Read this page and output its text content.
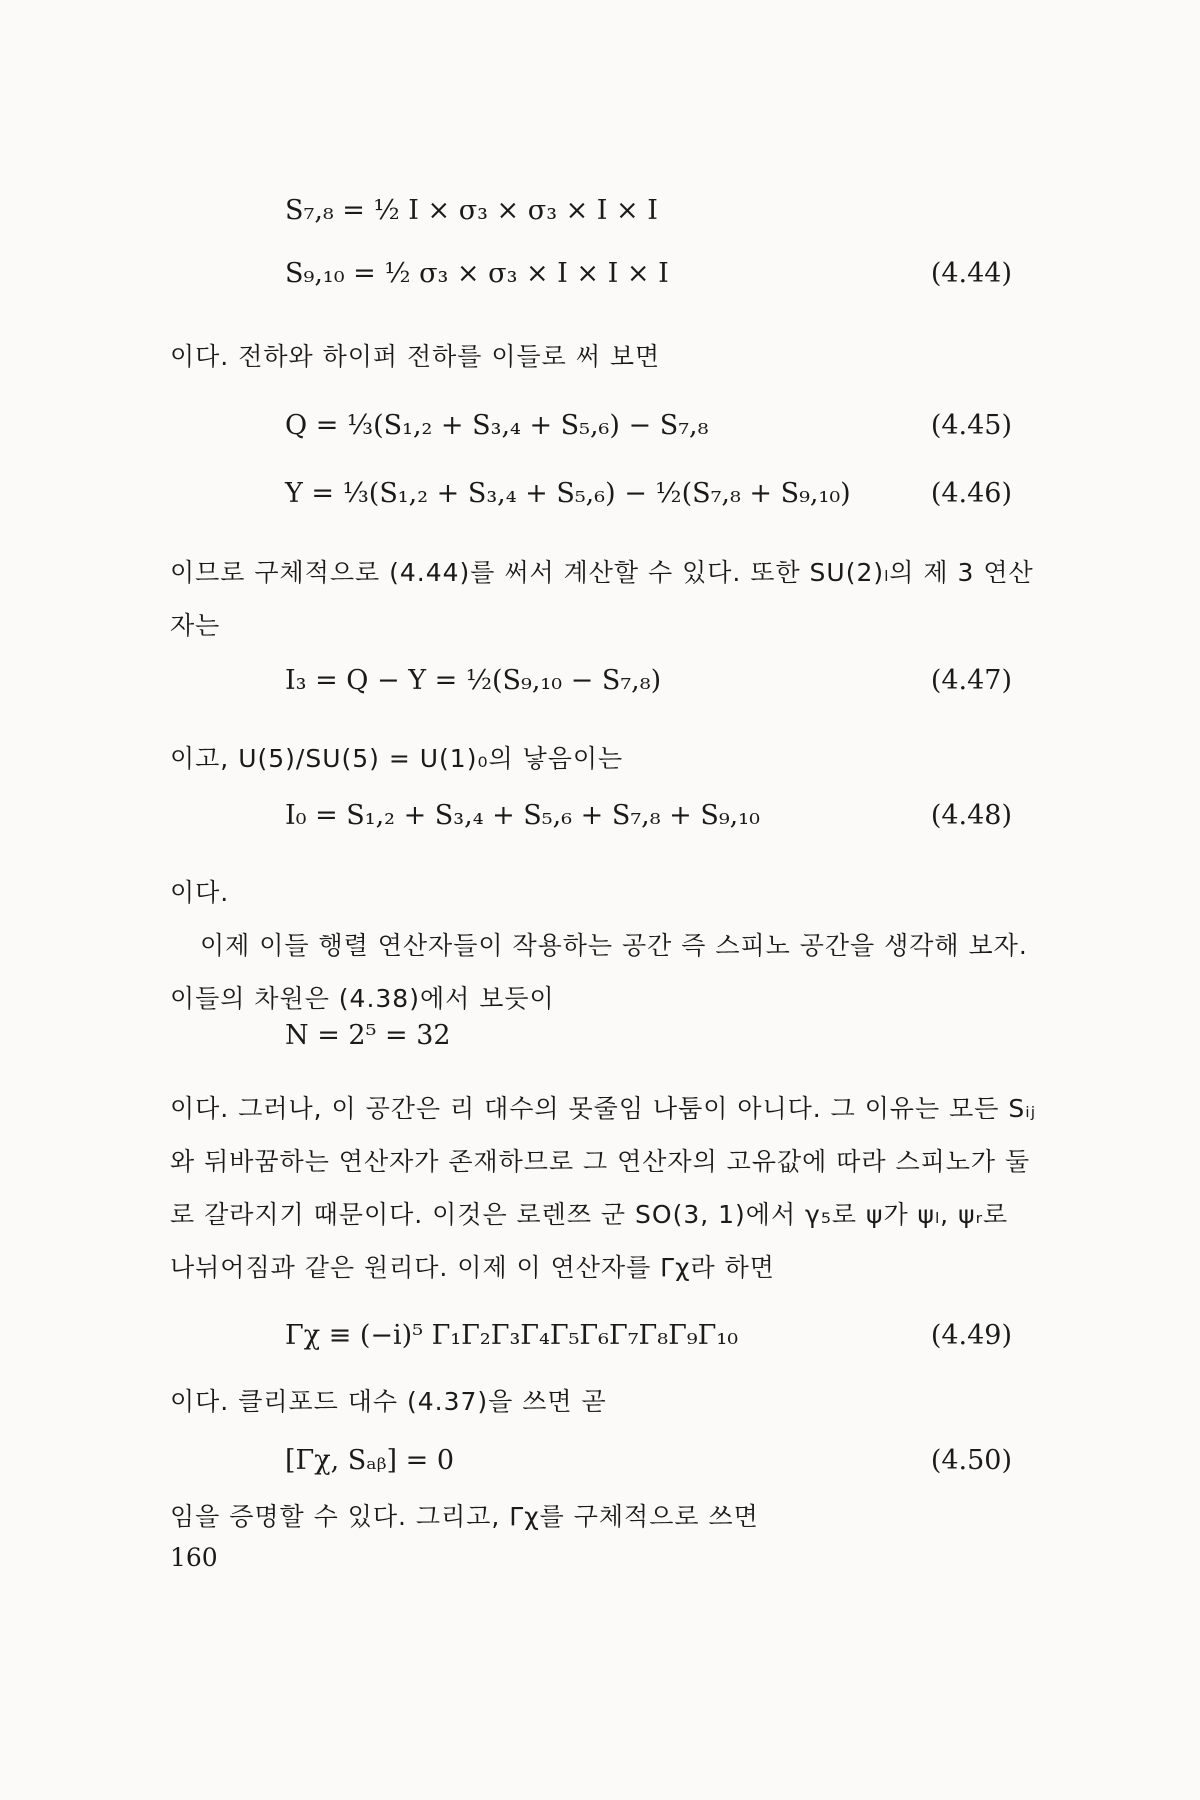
S₇,₈ = ½ I × σ₃ × σ₃ × I × I
S₉,₁₀ = ½ σ₃ × σ₃ × I × I × I	(4.44)

이다. 전하와 하이퍼 전하를 이들로 써 보면

Q = ⅓(S₁,₂ + S₃,₄ + S₅,₆) − S₇,₈	(4.45)
Y = ⅓(S₁,₂ + S₃,₄ + S₅,₆) − ½(S₇,₈ + S₉,₁₀)	(4.46)

이므로 구체적으로 (4.44)를 써서 계산할 수 있다. 또한 SU(2)ₗ의 제 3 연산자는

I₃ = Q − Y = ½(S₉,₁₀ − S₇,₈)	(4.47)

이고, U(5)/SU(5) = U(1)₀의 낳음이는

I₀ = S₁,₂ + S₃,₄ + S₅,₆ + S₇,₈ + S₉,₁₀	(4.48)

이다.

이제 이들 행렬 연산자들이 작용하는 공간 즉 스피노 공간을 생각해 보자. 이들의 차원은 (4.38)에서 보듯이

N = 2⁵ = 32

이다. 그러나, 이 공간은 리 대수의 못줄임 나툼이 아니다. 그 이유는 모든 Sᵢⱼ와 뒤바꿈하는 연산자가 존재하므로 그 연산자의 고유값에 따라 스피노가 둘로 갈라지기 때문이다. 이것은 로렌쯔 군 SO(3, 1)에서 γ₅로 ψ가 ψₗ, ψᵣ로 나뉘어짐과 같은 원리다. 이제 이 연산자를 Γχ라 하면

Γχ ≡ (−i)⁵ Γ₁Γ₂Γ₃Γ₄Γ₅Γ₆Γ₇Γ₈Γ₉Γ₁₀	(4.49)

이다. 클리포드 대수 (4.37)을 쓰면 곧

[Γχ, Sₐᵦ] = 0	(4.50)

임을 증명할 수 있다. 그리고, Γχ를 구체적으로 쓰면

160
